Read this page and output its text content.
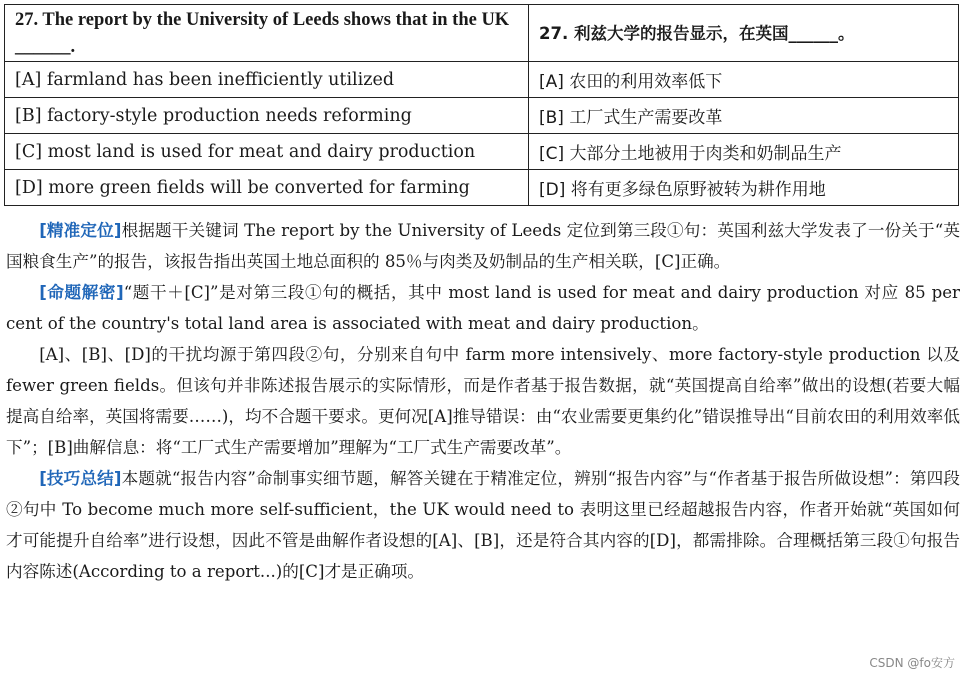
27. The report by the University of Leeds shows that in the UK ______.	27. 利兹大学的报告显示，在英国______。
[A] farmland has been inefficiently utilized	[A] 农田的利用效率低下
[B] factory-style production needs reforming	[B] 工厂式生产需要改革
[C] most land is used for meat and dairy production	[C] 大部分土地被用于肉类和奶制品生产
[D] more green fields will be converted for farming	[D] 将有更多绿色原野被转为耕作用地

[精准定位]根据题干关键词 The report by the University of Leeds 定位到第三段①句：英国利兹大学发表了一份关于“英国粮食生产”的报告，该报告指出英国土地总面积的 85％与肉类及奶制品的生产相关联，[C]正确。

[命题解密]“题干＋[C]”是对第三段①句的概括，其中 most land is used for meat and dairy production 对应 85 per cent of the country's total land area is associated with meat and dairy production。

[A]、[B]、[D]的干扰均源于第四段②句，分别来自句中 farm more intensively、more factory-style production 以及 fewer green fields。但该句并非陈述报告展示的实际情形，而是作者基于报告数据，就“英国提高自给率”做出的设想(若要大幅提高自给率，英国将需要……)，均不合题干要求。更何况[A]推导错误：由“农业需要更集约化”错误推导出“目前农田的利用效率低下”；[B]曲解信息：将“工厂式生产需要增加”理解为“工厂式生产需要改革”。

[技巧总结]本题就“报告内容”命制事实细节题，解答关键在于精准定位，辨别“报告内容”与“作者基于报告所做设想”：第四段②句中 To become much more self-sufficient，the UK would need to 表明这里已经超越报告内容，作者开始就“英国如何才可能提升自给率”进行设想，因此不管是曲解作者设想的[A]、[B]，还是符合其内容的[D]，都需排除。合理概括第三段①句报告内容陈述(According to a report...)的[C]才是正确项。

CSDN @fo安方
